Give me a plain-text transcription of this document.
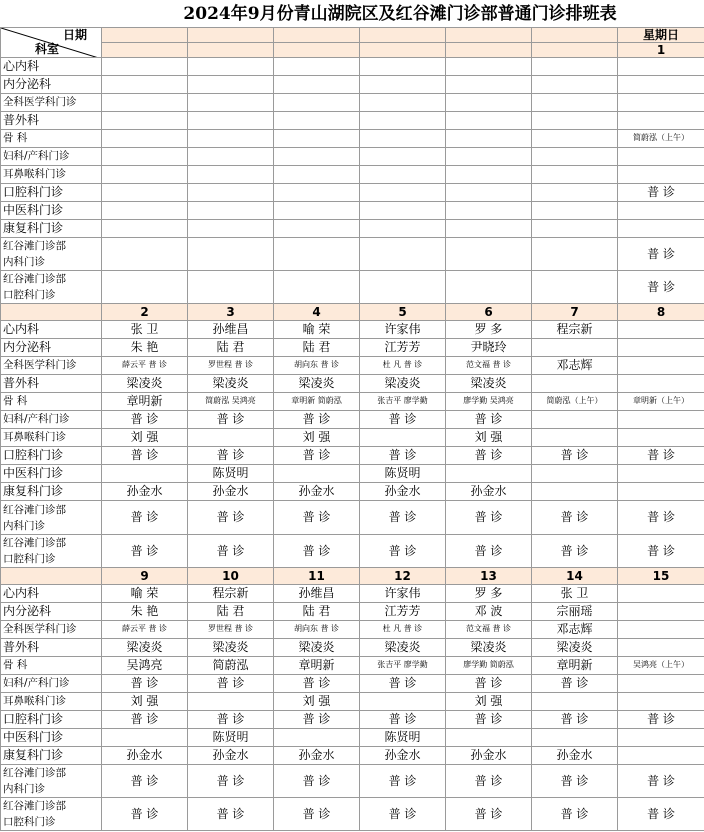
2024年9月份青山湖院区及红谷滩门诊部普通门诊排班表
日期
科室							星期日
							1
心内科							
内分泌科							
全科医学科门诊							
普外科							
骨 科							简蔚泓（上午）
妇科/产科门诊							
耳鼻喉科门诊							
口腔科门诊							普 诊
中医科门诊							
康复科门诊							
红谷滩门诊部
内科门诊							普 诊
红谷滩门诊部
口腔科门诊							普 诊
	2	3	4	5	6	7	8
心内科	张 卫	孙维昌	喻 荣	许家伟	罗 多	程宗新	
内分泌科	朱 艳	陆 君	陆 君	江芳芳	尹晓玲		
全科医学科门诊	薛云平 普 诊	罗世程 普 诊	胡向东 普 诊	杜 凡 普 诊	范文福 普 诊	邓志辉	
普外科	梁凌炎	梁凌炎	梁凌炎	梁凌炎	梁凌炎		
骨 科	章明新	简蔚泓 吴鸿亮	章明新 简蔚泓	张吉平 廖学勤	廖学勤 吴鸿亮	简蔚泓（上午）	章明新（上午）
妇科/产科门诊	普 诊	普 诊	普 诊	普 诊	普 诊		
耳鼻喉科门诊	刘 强		刘 强		刘 强		
口腔科门诊	普 诊	普 诊	普 诊	普 诊	普 诊	普 诊	普 诊
中医科门诊		陈贤明		陈贤明			
康复科门诊	孙金水	孙金水	孙金水	孙金水	孙金水		
红谷滩门诊部
内科门诊	普 诊	普 诊	普 诊	普 诊	普 诊	普 诊	普 诊
红谷滩门诊部
口腔科门诊	普 诊	普 诊	普 诊	普 诊	普 诊	普 诊	普 诊
	9	10	11	12	13	14	15
心内科	喻 荣	程宗新	孙维昌	许家伟	罗 多	张 卫	
内分泌科	朱 艳	陆 君	陆 君	江芳芳	邓 波	宗丽瑶	
全科医学科门诊	薛云平 普 诊	罗世程 普 诊	胡向东 普 诊	杜 凡 普 诊	范文福 普 诊	邓志辉	
普外科	梁凌炎	梁凌炎	梁凌炎	梁凌炎	梁凌炎	梁凌炎	
骨 科	吴鸿亮	简蔚泓	章明新	张吉平 廖学勤	廖学勤 简蔚泓	章明新	吴鸿亮（上午）
妇科/产科门诊	普 诊	普 诊	普 诊	普 诊	普 诊	普 诊	
耳鼻喉科门诊	刘 强		刘 强		刘 强		
口腔科门诊	普 诊	普 诊	普 诊	普 诊	普 诊	普 诊	普 诊
中医科门诊		陈贤明		陈贤明			
康复科门诊	孙金水	孙金水	孙金水	孙金水	孙金水	孙金水	
红谷滩门诊部
内科门诊	普 诊	普 诊	普 诊	普 诊	普 诊	普 诊	普 诊
红谷滩门诊部
口腔科门诊	普 诊	普 诊	普 诊	普 诊	普 诊	普 诊	普 诊
